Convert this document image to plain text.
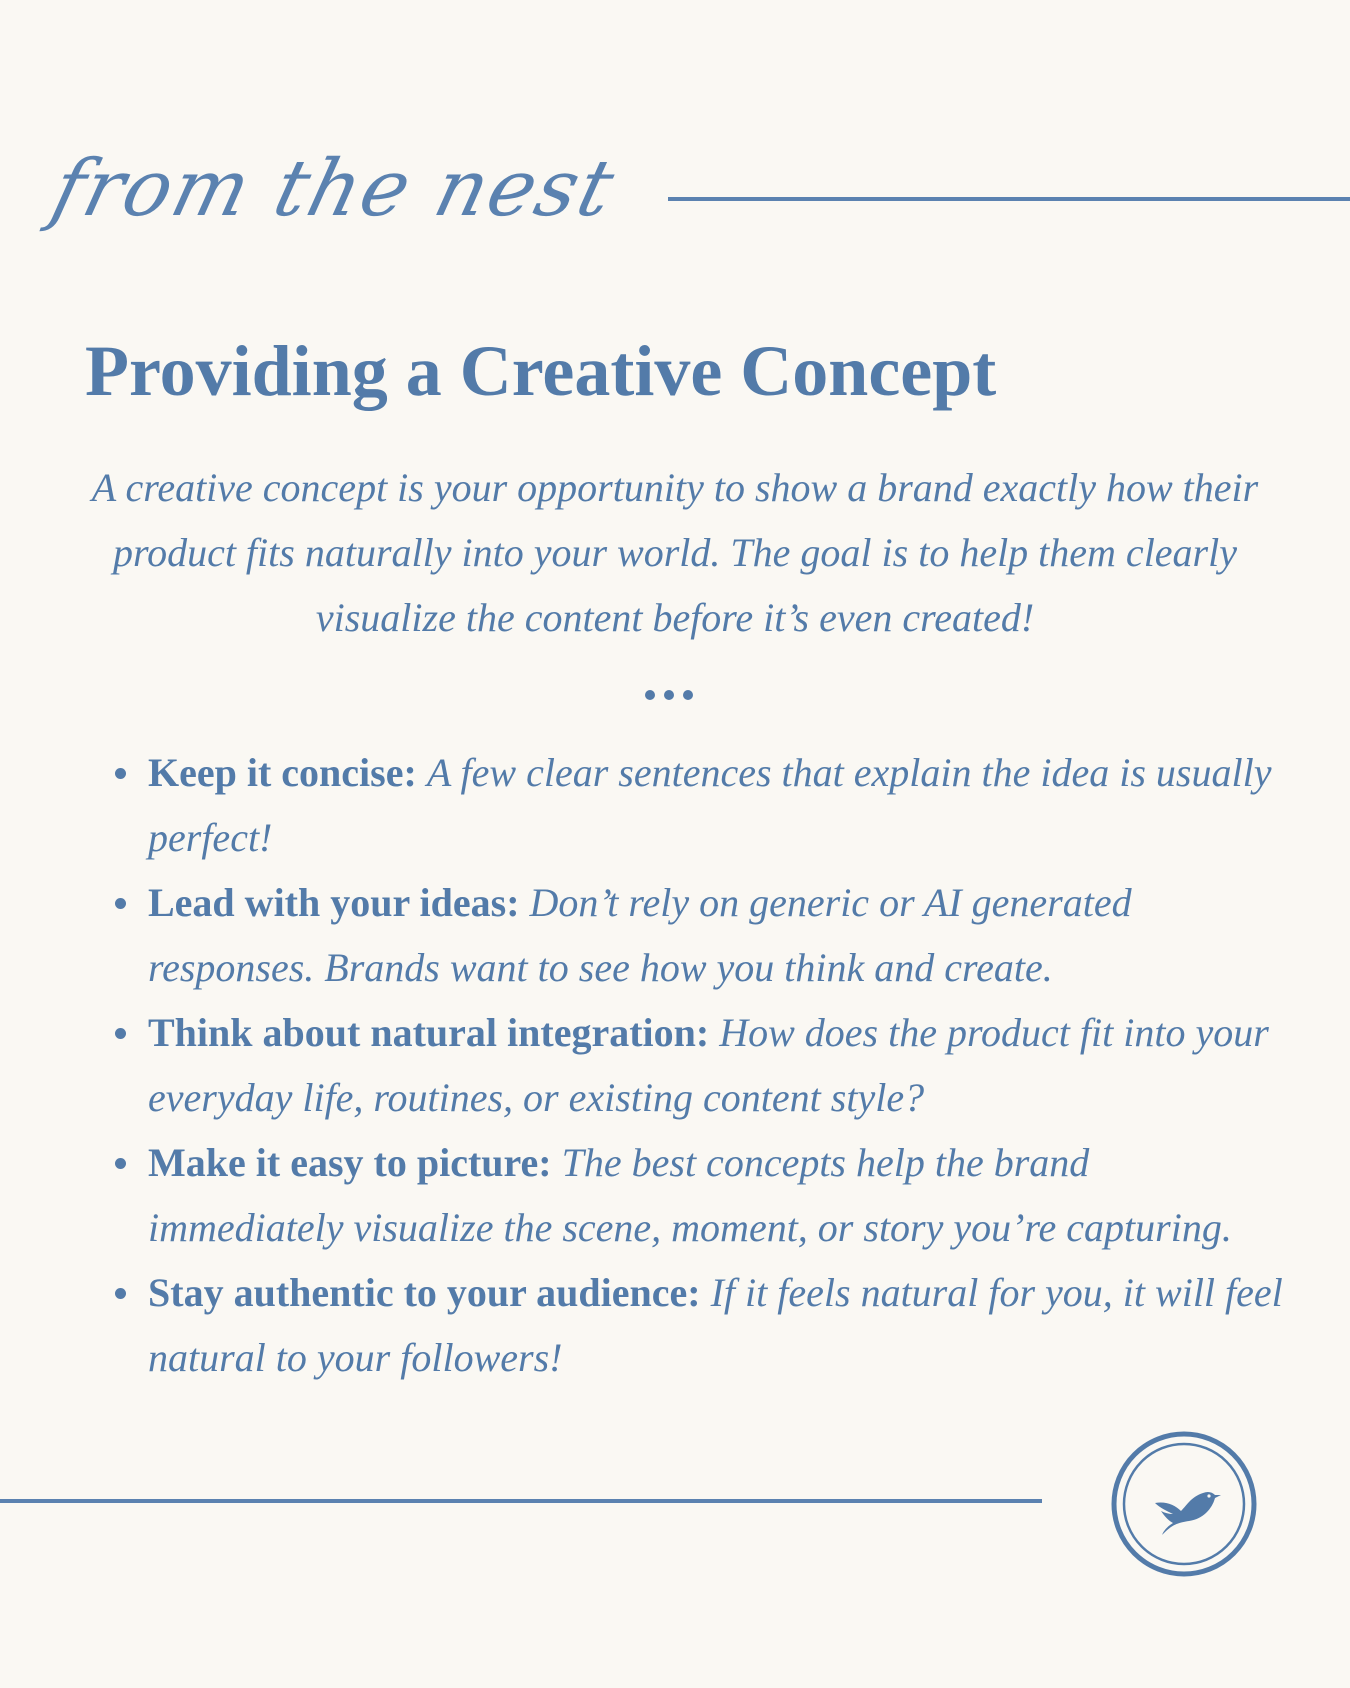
from the nest
Providing a Creative Concept

A creative concept is your opportunity to show a brand exactly how their product fits naturally into your world. The goal is to help them clearly visualize the content before it’s even created!

Keep it concise: A few clear sentences that explain the idea is usually perfect!
Lead with your ideas: Don’t rely on generic or AI generated responses. Brands want to see how you think and create.
Think about natural integration: How does the product fit into your everyday life, routines, or existing content style?
Make it easy to picture: The best concepts help the brand immediately visualize the scene, moment, or story you’re capturing.
Stay authentic to your audience: If it feels natural for you, it will feel natural to your followers!
